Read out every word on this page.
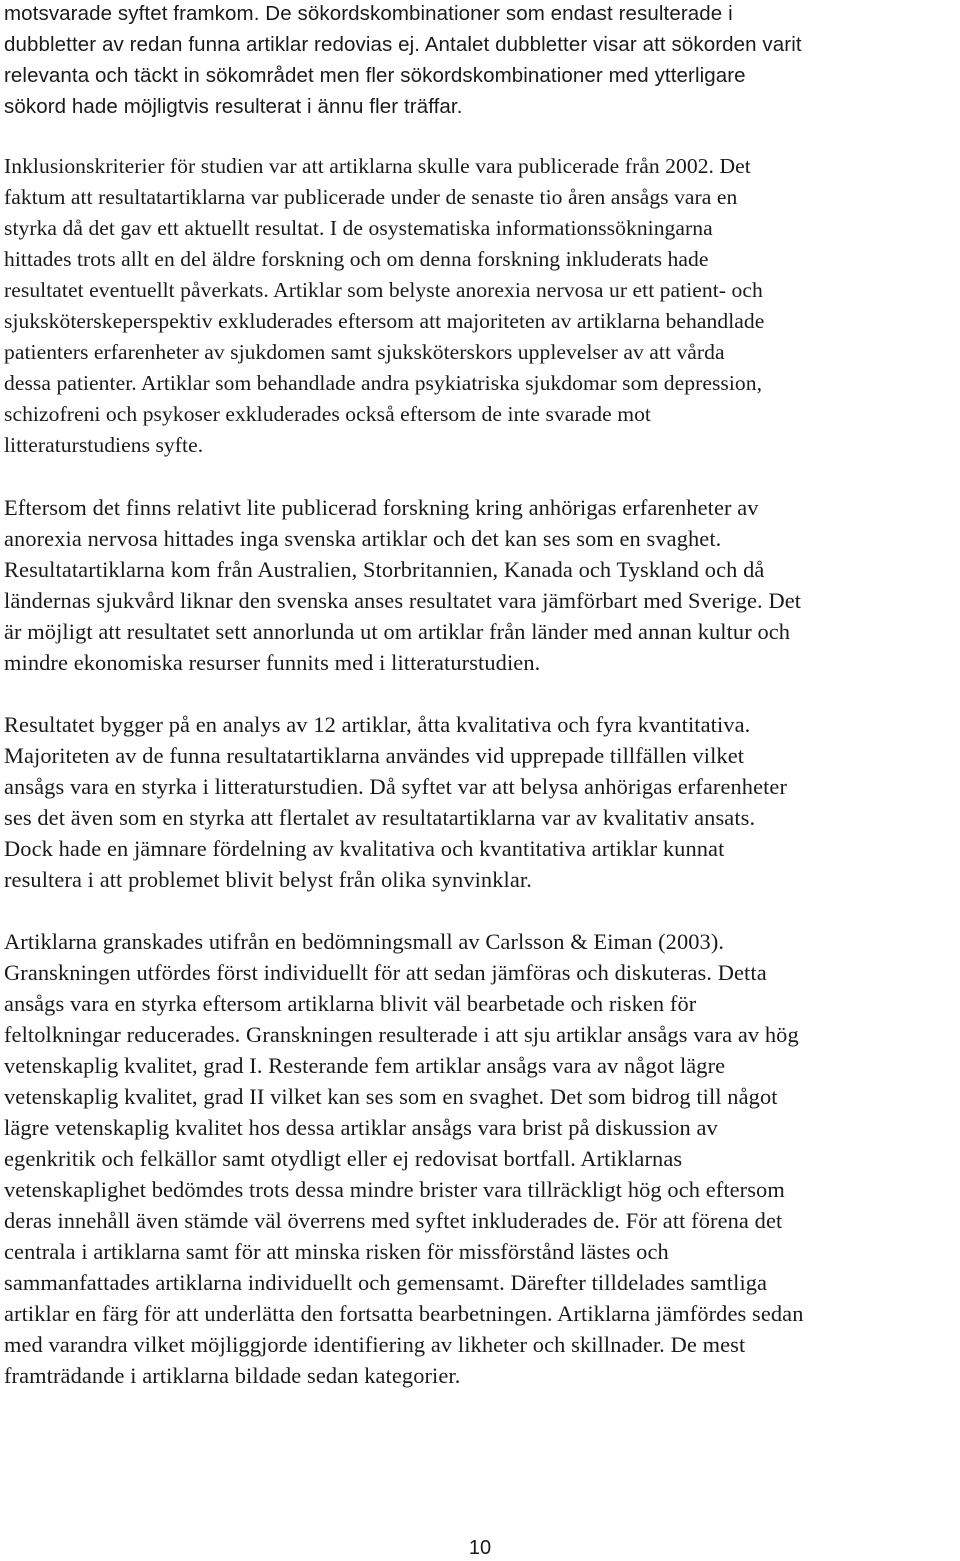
motsvarade syftet framkom. De sökordskombinationer som endast resulterade i
dubbletter av redan funna artiklar redovias ej. Antalet dubbletter visar att sökorden varit
relevanta och täckt in sökområdet men fler sökordskombinationer med ytterligare
sökord hade möjligtvis resulterat i ännu fler träffar.
Inklusionskriterier för studien var att artiklarna skulle vara publicerade från 2002. Det
faktum att resultatartiklarna var publicerade under de senaste tio åren ansågs vara en
styrka då det gav ett aktuellt resultat. I de osystematiska informationssökningarna
hittades trots allt en del äldre forskning och om denna forskning inkluderats hade
resultatet eventuellt påverkats. Artiklar som belyste anorexia nervosa ur ett patient- och
sjuksköterskeperspektiv exkluderades eftersom att majoriteten av artiklarna behandlade
patienters erfarenheter av sjukdomen samt sjuksköterskors upplevelser av att vårda
dessa patienter. Artiklar som behandlade andra psykiatriska sjukdomar som depression,
schizofreni och psykoser exkluderades också eftersom de inte svarade mot
litteraturstudiens syfte.
Eftersom det finns relativt lite publicerad forskning kring anhörigas erfarenheter av
anorexia nervosa hittades inga svenska artiklar och det kan ses som en svaghet.
Resultatartiklarna kom från Australien, Storbritannien, Kanada och Tyskland och då
ländernas sjukvård liknar den svenska anses resultatet vara jämförbart med Sverige. Det
är möjligt att resultatet sett annorlunda ut om artiklar från länder med annan kultur och
mindre ekonomiska resurser funnits med i litteraturstudien.
Resultatet bygger på en analys av 12 artiklar, åtta kvalitativa och fyra kvantitativa.
Majoriteten av de funna resultatartiklarna användes vid upprepade tillfällen vilket
ansågs vara en styrka i litteraturstudien. Då syftet var att belysa anhörigas erfarenheter
ses det även som en styrka att flertalet av resultatartiklarna var av kvalitativ ansats.
Dock hade en jämnare fördelning av kvalitativa och kvantitativa artiklar kunnat
resultera i att problemet blivit belyst från olika synvinklar.
Artiklarna granskades utifrån en bedömningsmall av Carlsson & Eiman (2003).
Granskningen utfördes först individuellt för att sedan jämföras och diskuteras. Detta
ansågs vara en styrka eftersom artiklarna blivit väl bearbetade och risken för
feltolkningar reducerades. Granskningen resulterade i att sju artiklar ansågs vara av hög
vetenskaplig kvalitet, grad I. Resterande fem artiklar ansågs vara av något lägre
vetenskaplig kvalitet, grad II vilket kan ses som en svaghet. Det som bidrog till något
lägre vetenskaplig kvalitet hos dessa artiklar ansågs vara brist på diskussion av
egenkritik och felkällor samt otydligt eller ej redovisat bortfall. Artiklarnas
vetenskaplighet bedömdes trots dessa mindre brister vara tillräckligt hög och eftersom
deras innehåll även stämde väl överrens med syftet inkluderades de. För att förena det
centrala i artiklarna samt för att minska risken för missförstånd lästes och
sammanfattades artiklarna individuellt och gemensamt. Därefter tilldelades samtliga
artiklar en färg för att underlätta den fortsatta bearbetningen. Artiklarna jämfördes sedan
med varandra vilket möjliggjorde identifiering av likheter och skillnader. De mest
framträdande i artiklarna bildade sedan kategorier.
10
